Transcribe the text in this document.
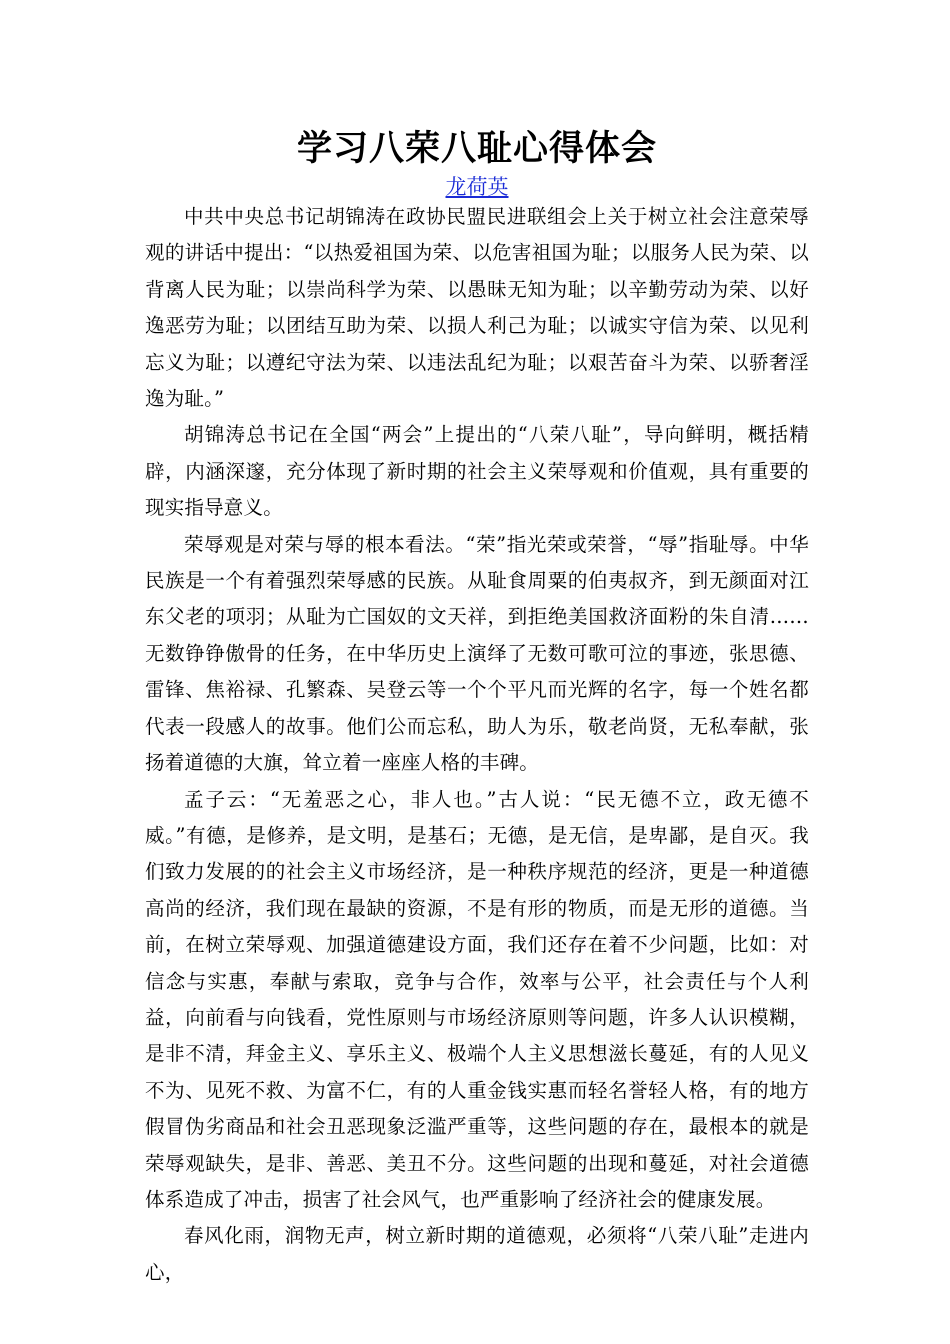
学习八荣八耻心得体会
龙荷英

中共中央总书记胡锦涛在政协民盟民进联组会上关于树立社会注意荣辱观的讲话中提出：“以热爱祖国为荣、以危害祖国为耻；以服务人民为荣、以背离人民为耻；以崇尚科学为荣、以愚昧无知为耻；以辛勤劳动为荣、以好逸恶劳为耻；以团结互助为荣、以损人利己为耻；以诚实守信为荣、以见利忘义为耻；以遵纪守法为荣、以违法乱纪为耻；以艰苦奋斗为荣、以骄奢淫逸为耻。”

胡锦涛总书记在全国“两会”上提出的“八荣八耻”，导向鲜明，概括精辟，内涵深邃，充分体现了新时期的社会主义荣辱观和价值观，具有重要的现实指导意义。

荣辱观是对荣与辱的根本看法。“荣”指光荣或荣誉，“辱”指耻辱。中华民族是一个有着强烈荣辱感的民族。从耻食周粟的伯夷叔齐，到无颜面对江东父老的项羽；从耻为亡国奴的文天祥，到拒绝美国救济面粉的朱自清……无数铮铮傲骨的任务，在中华历史上演绎了无数可歌可泣的事迹，张思德、雷锋、焦裕禄、孔繁森、吴登云等一个个平凡而光辉的名字，每一个姓名都代表一段感人的故事。他们公而忘私，助人为乐，敬老尚贤，无私奉献，张扬着道德的大旗，耸立着一座座人格的丰碑。

孟子云：“无羞恶之心，非人也。”古人说：“民无德不立，政无德不威。”有德，是修养，是文明，是基石；无德，是无信，是卑鄙，是自灭。我们致力发展的的社会主义市场经济，是一种秩序规范的经济，更是一种道德高尚的经济，我们现在最缺的资源，不是有形的物质，而是无形的道德。当前，在树立荣辱观、加强道德建设方面，我们还存在着不少问题，比如：对信念与实惠，奉献与索取，竞争与合作，效率与公平，社会责任与个人利益，向前看与向钱看，党性原则与市场经济原则等问题，许多人认识模糊，是非不清，拜金主义、享乐主义、极端个人主义思想滋长蔓延，有的人见义不为、见死不救、为富不仁，有的人重金钱实惠而轻名誉轻人格，有的地方假冒伪劣商品和社会丑恶现象泛滥严重等，这些问题的存在，最根本的就是荣辱观缺失，是非、善恶、美丑不分。这些问题的出现和蔓延，对社会道德体系造成了冲击，损害了社会风气，也严重影响了经济社会的健康发展。

春风化雨，润物无声，树立新时期的道德观，必须将“八荣八耻”走进内心，
